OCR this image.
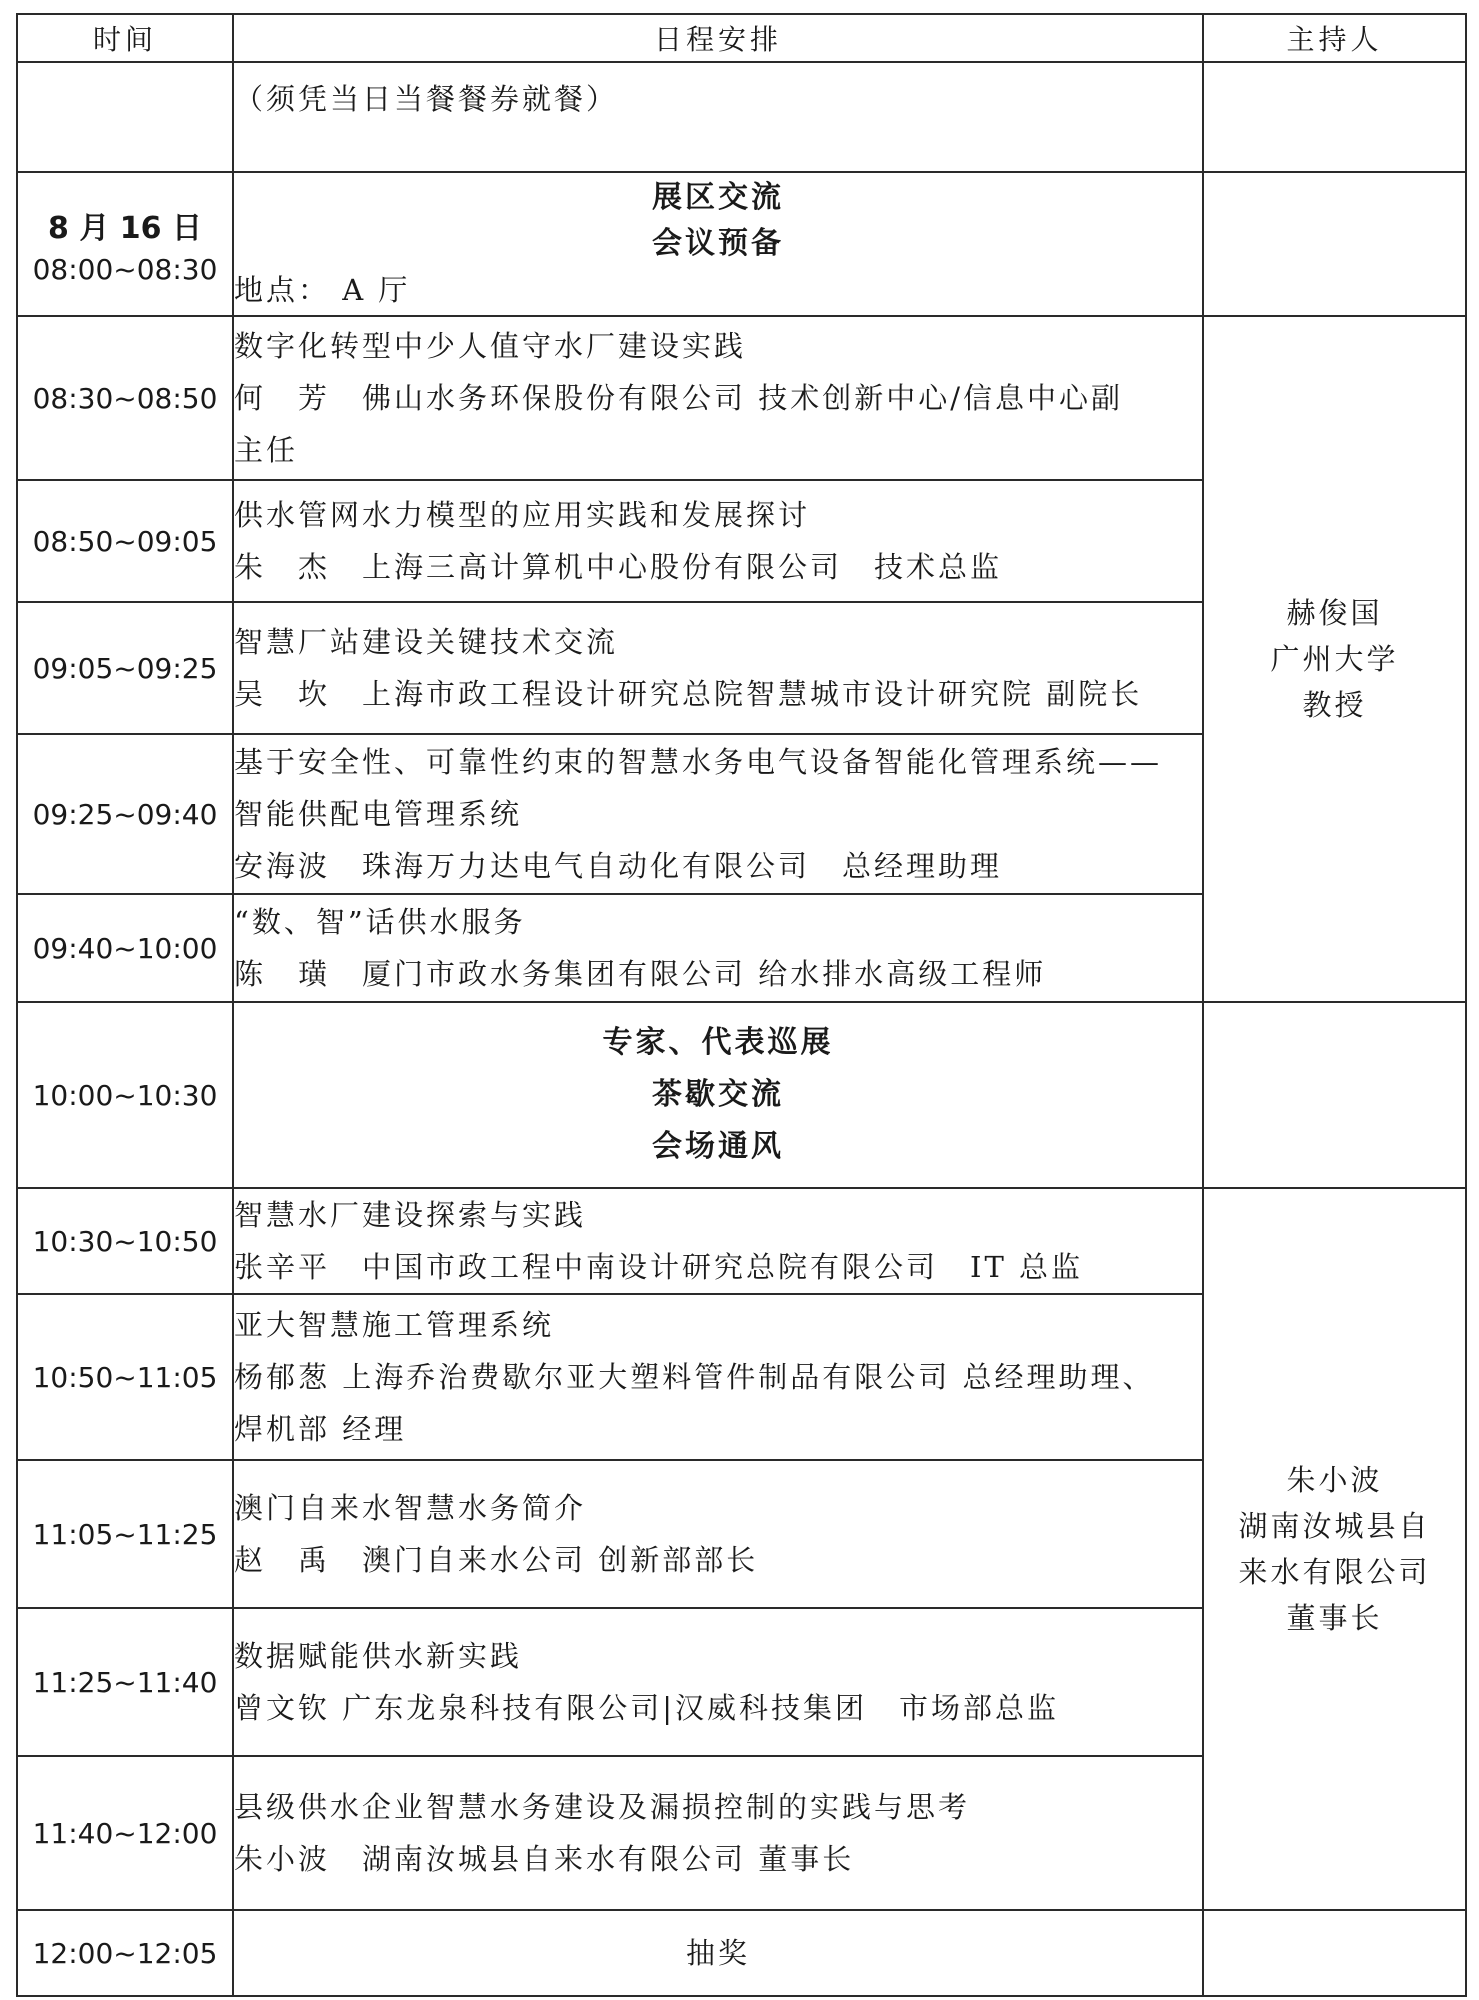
时间	日程安排	主持人

	（须凭当日当餐餐券就餐）	

8 月 16 日
08:00~08:30	展区交流
会议预备
地点： A 厅	

08:30~08:50	数字化转型中少人值守水厂建设实践
何　芳　佛山水务环保股份有限公司 技术创新中心/信息中心副
主任	赫俊国
广州大学
教授

08:50~09:05	供水管网水力模型的应用实践和发展探讨
朱　杰　上海三高计算机中心股份有限公司　技术总监	

09:05~09:25	智慧厂站建设关键技术交流
吴　坎　上海市政工程设计研究总院智慧城市设计研究院 副院长	

09:25~09:40	基于安全性、可靠性约束的智慧水务电气设备智能化管理系统——
智能供配电管理系统
安海波　珠海万力达电气自动化有限公司　总经理助理	

09:40~10:00	“数、智”话供水服务
陈　璜　厦门市政水务集团有限公司 给水排水高级工程师	

10:00~10:30	专家、代表巡展
茶歇交流
会场通风	

10:30~10:50	智慧水厂建设探索与实践
张辛平　中国市政工程中南设计研究总院有限公司　IT 总监	朱小波
湖南汝城县自
来水有限公司
董事长

10:50~11:05	亚大智慧施工管理系统
杨郁葱 上海乔治费歇尔亚大塑料管件制品有限公司 总经理助理、
焊机部 经理	

11:05~11:25	澳门自来水智慧水务简介
赵　禹　澳门自来水公司 创新部部长	

11:25~11:40	数据赋能供水新实践
曾文钦 广东龙泉科技有限公司|汉威科技集团　市场部总监	

11:40~12:00	县级供水企业智慧水务建设及漏损控制的实践与思考
朱小波　湖南汝城县自来水有限公司 董事长	

12:00~12:05	抽奖	
